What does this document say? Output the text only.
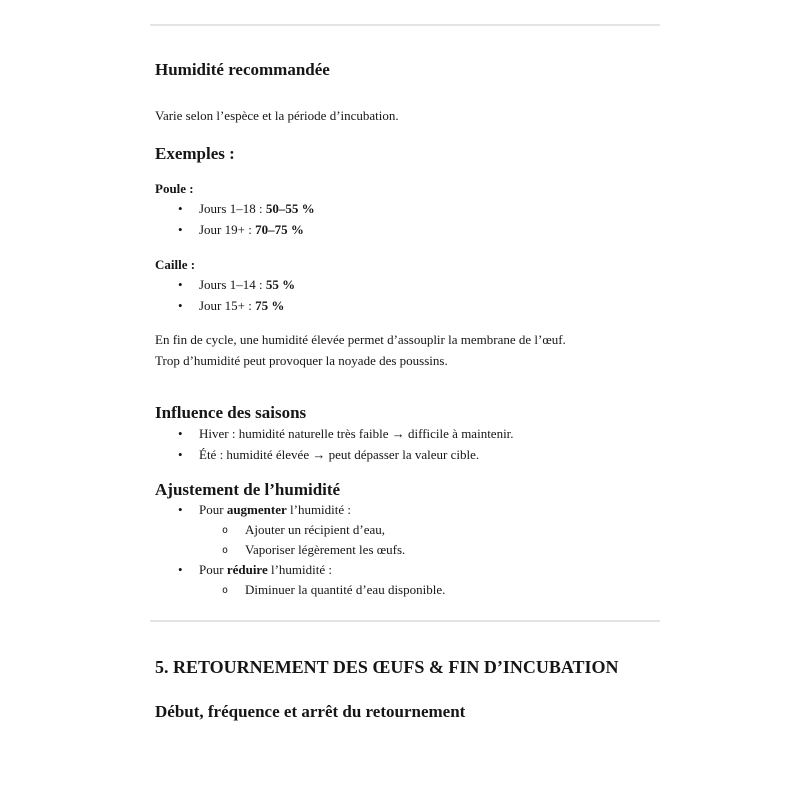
Humidité recommandée

Varie selon l’espèce et la période d’incubation.

Exemples :

Poule :

• Jours 1–18 : 50–55 %
• Jour 19+ : 70–75 %

Caille :

• Jours 1–14 : 55 %
• Jour 15+ : 75 %

En fin de cycle, une humidité élevée permet d’assouplir la membrane de l’œuf.
Trop d’humidité peut provoquer la noyade des poussins.

Influence des saisons
• Hiver : humidité naturelle très faible → difficile à maintenir.
• Été : humidité élevée → peut dépasser la valeur cible.
Ajustement de l’humidité
• Pour augmenter l’humidité :
o Ajouter un récipient d’eau,
o Vaporiser légèrement les œufs.
• Pour réduire l’humidité :
o Diminuer la quantité d’eau disponible.
5. RETOURNEMENT DES ŒUFS & FIN D’INCUBATION
Début, fréquence et arrêt du retournement
